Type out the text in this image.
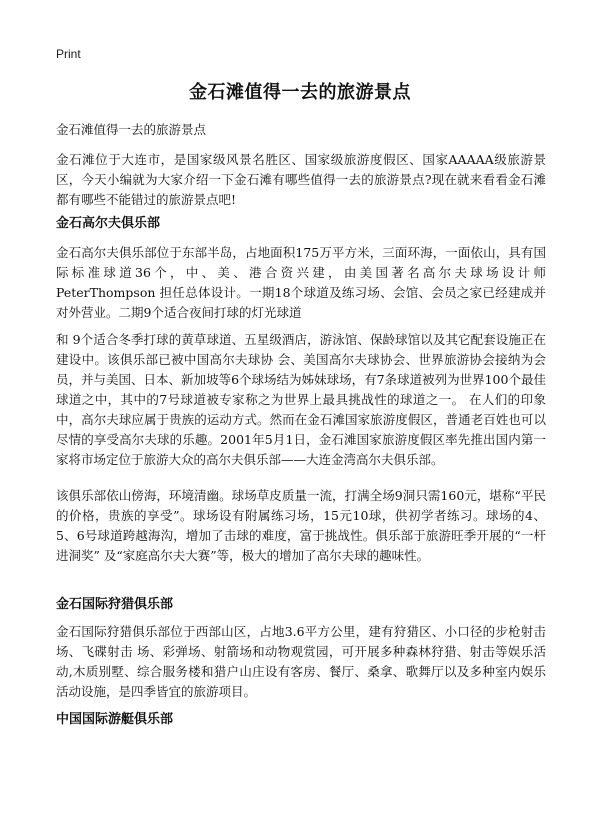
Print
金石滩值得一去的旅游景点

金石滩值得一去的旅游景点

金石滩位于大连市，是国家级风景名胜区、国家级旅游度假区、国家AAAAA级旅游景区，今天小编就为大家介绍一下金石滩有哪些值得一去的旅游景点?现在就来看看金石滩都有哪些不能错过的旅游景点吧!

金石高尔夫俱乐部

金石高尔夫俱乐部位于东部半岛，占地面积175万平方米，三面环海，一面依山，具有国际标准球道36个，中、美、港合资兴建，由美国著名高尔夫球场设计师PeterThompson 担任总体设计。一期18个球道及练习场、会馆、会员之家已经建成并对外营业。二期9个适合夜间打球的灯光球道

和 9个适合冬季打球的黄草球道、五星级酒店，游泳馆、保龄球馆以及其它配套设施正在建设中。该俱乐部已被中国高尔夫球协 会、美国高尔夫球协会、世界旅游协会接纳为会员，并与美国、日本、新加坡等6个球场结为姊妹球场，有7条球道被列为世界100个最佳球道之中，其中的7号球道被专家称之为世界上最具挑战性的球道之一。 在人们的印象中，高尔夫球应属于贵族的运动方式。然而在金石滩国家旅游度假区，普通老百姓也可以尽情的享受高尔夫球的乐趣。2001年5月1日，金石滩国家旅游度假区率先推出国内第一家将市场定位于旅游大众的高尔夫俱乐部——大连金湾高尔夫俱乐部。

该俱乐部依山傍海，环境清幽。球场草皮质量一流，打满全场9洞只需160元，堪称“平民的价格，贵族的享受”。球场设有附属练习场，15元10球，供初学者练习。球场的4、5、6号球道跨越海沟，增加了击球的难度，富于挑战性。俱乐部于旅游旺季开展的“一杆进洞奖” 及“家庭高尔夫大赛”等，极大的增加了高尔夫球的趣味性。

金石国际狩猎俱乐部

金石国际狩猎俱乐部位于西部山区，占地3.6平方公里，建有狩猎区、小口径的步枪射击场、飞碟射击 场、彩弹场、射箭场和动物观赏园，可开展多种森林狩猎、射击等娱乐活动,木质别墅、综合服务楼和猎户山庄设有客房、餐厅、桑拿、歌舞厅以及多种室内娱乐活动设施，是四季皆宜的旅游项目。

中国国际游艇俱乐部
